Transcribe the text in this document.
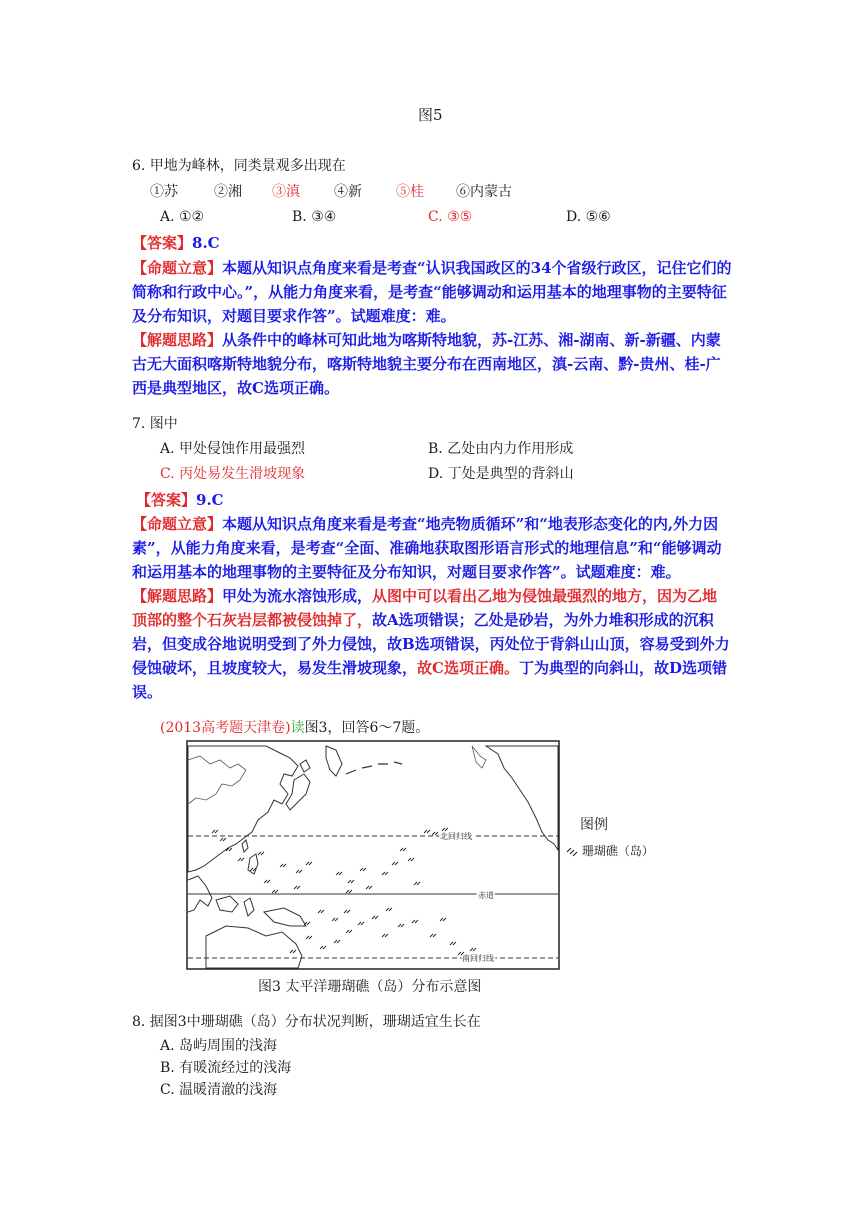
图5
6. 甲地为峰林，同类景观多出现在
①苏	②湘 ③滇 ④新 ⑤桂 ⑥内蒙古
A. ①②	B. ③④	C. ③⑤	D. ⑤⑥
【答案】8.C
【命题立意】本题从知识点角度来看是考查“认识我国政区的34个省级行政区，记住它们的简称和行政中心。”，从能力角度来看，是考查“能够调动和运用基本的地理事物的主要特征及分布知识，对题目要求作答”。试题难度：难。
【解题思路】从条件中的峰林可知此地为喀斯特地貌，苏-江苏、湘-湖南、新-新疆、内蒙古无大面积喀斯特地貌分布，喀斯特地貌主要分布在西南地区，滇-云南、黔-贵州、桂-广西是典型地区，故C选项正确。
7. 图中
A. 甲处侵蚀作用最强烈	B. 乙处由内力作用形成
C. 丙处易发生滑坡现象	D. 丁处是典型的背斜山
【答案】9.C
【命题立意】本题从知识点角度来看是考查“地壳物质循环”和“地表形态变化的内,外力因素”，从能力角度来看，是考查“全面、准确地获取图形语言形式的地理信息”和“能够调动和运用基本的地理事物的主要特征及分布知识，对题目要求作答”。试题难度：难。
【解题思路】甲处为流水溶蚀形成，从图中可以看出乙地为侵蚀最强烈的地方，因为乙地顶部的整个石灰岩层都被侵蚀掉了，故A选项错误；乙处是砂岩，为外力堆积形成的沉积岩，但变成谷地说明受到了外力侵蚀，故B选项错误，丙处位于背斜山山顶，容易受到外力侵蚀破坏，且坡度较大，易发生滑坡现象，故C选项正确。丁为典型的向斜山，故D选项错误。
(2013高考题天津卷)读图3，回答6～7题。
北回归线
赤道
南回归线
图例
珊瑚礁（岛）
图3 太平洋珊瑚礁（岛）分布示意图
8. 据图3中珊瑚礁（岛）分布状况判断，珊瑚适宜生长在
A. 岛屿周围的浅海
B. 有暖流经过的浅海
C. 温暖清澈的浅海
